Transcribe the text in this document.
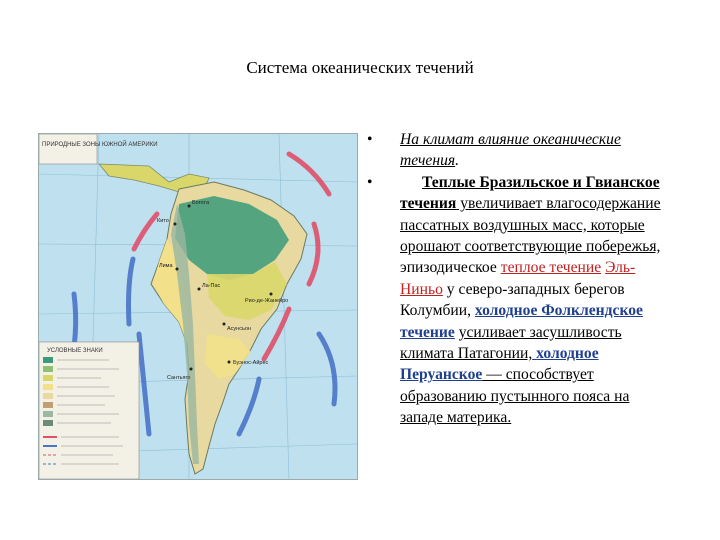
Система океанических течений
ПРИРОДНЫЕ ЗОНЫ ЮЖНОЙ АМЕРИКИ
УСЛОВНЫЕ ЗНАКИ
Богота
Кито
Лима
Ла-Пас
Сантьяго
Буэнос-Айрес
Рио-де-Жанейро
Асунсьон
• На климат влияние океанические течения.
•	Теплые Бразильское и Гвианское течения увеличивает влагосодержание пассатных воздушных масс, которые орошают соответствующие побережья, эпизодическое теплое течение Эль-Ниньо у северо-западных берегов Колумбии, холодное Фолклендское течение усиливает засушливость климата Патагонии, холодное Перуанское — способствует образованию пустынного пояса на западе материка.
